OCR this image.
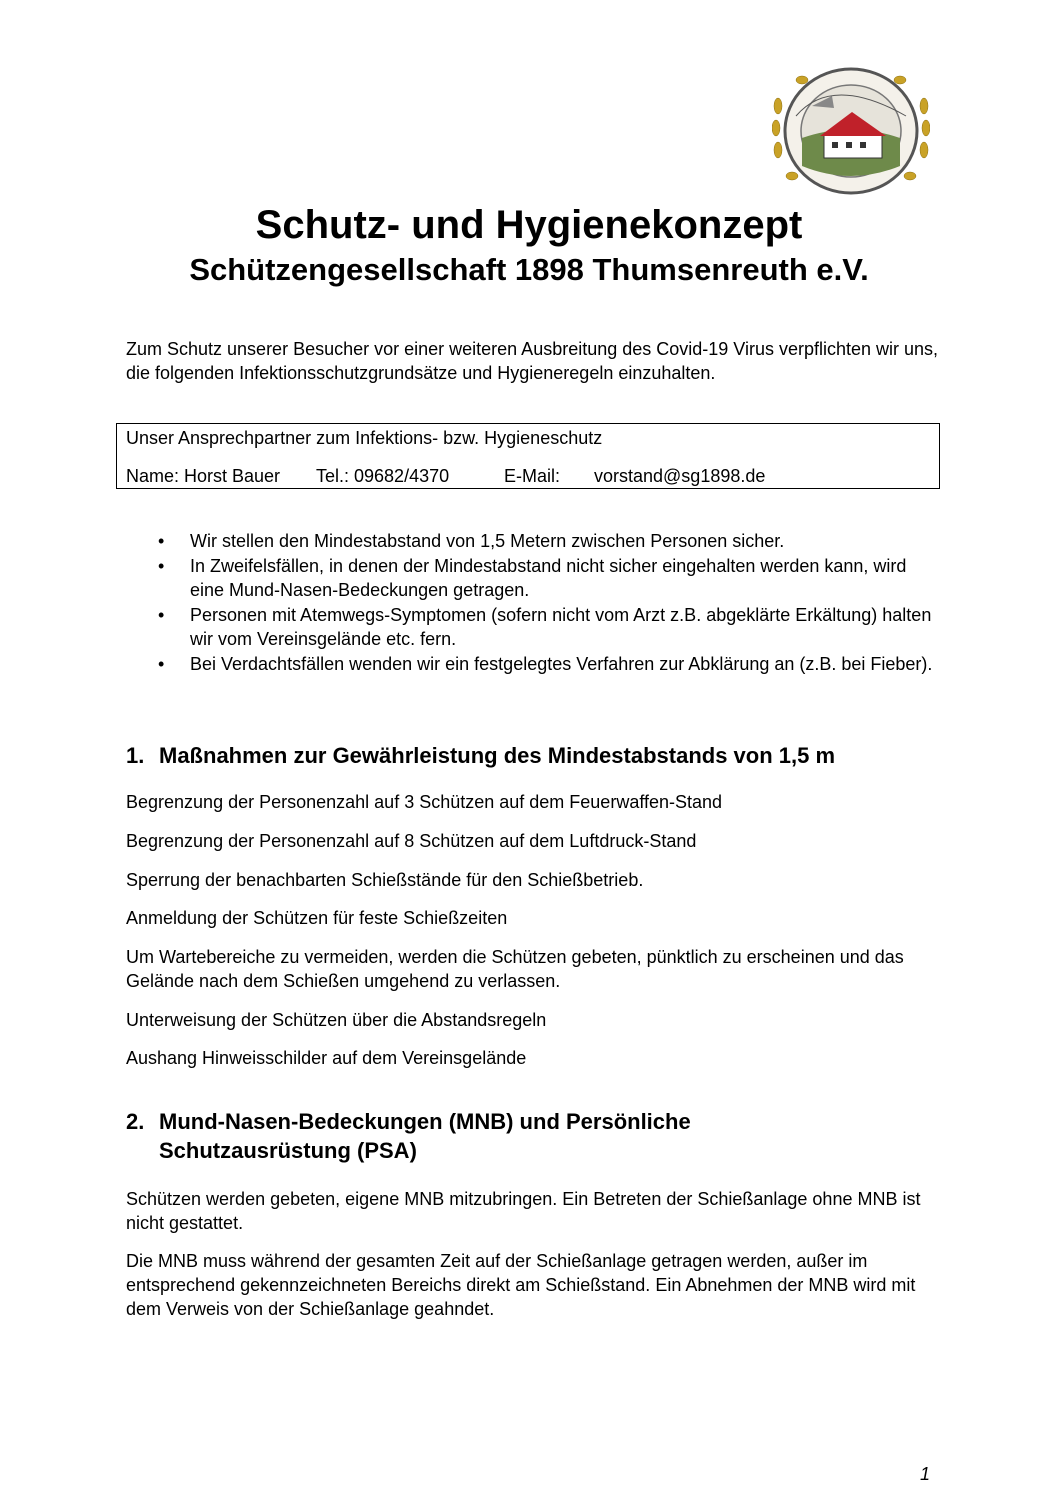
Schutz- und Hygienekonzept
Schützengesellschaft 1898 Thumsenreuth e.V.

Zum Schutz unserer Besucher vor einer weiteren Ausbreitung des Covid-19 Virus verpflichten wir uns, die folgenden Infektionsschutzgrundsätze und Hygieneregeln einzuhalten.

Unser Ansprechpartner zum Infektions- bzw. Hygieneschutz
Name: Horst Bauer Tel.: 09682/4370	E-Mail: vorstand@sg1898.de
• Wir stellen den Mindestabstand von 1,5 Metern zwischen Personen sicher.
• In Zweifelsfällen, in denen der Mindestabstand nicht sicher eingehalten werden kann, wird eine Mund-Nasen-Bedeckungen getragen.
• Personen mit Atemwegs-Symptomen (sofern nicht vom Arzt z.B. abgeklärte Erkältung) halten wir vom Vereinsgelände etc. fern.
• Bei Verdachtsfällen wenden wir ein festgelegtes Verfahren zur Abklärung an (z.B. bei Fieber).
1. Maßnahmen zur Gewährleistung des Mindestabstands von 1,5 m

Begrenzung der Personenzahl auf 3 Schützen auf dem Feuerwaffen-Stand

Begrenzung der Personenzahl auf 8 Schützen auf dem Luftdruck-Stand

Sperrung der benachbarten Schießstände für den Schießbetrieb.

Anmeldung der Schützen für feste Schießzeiten

Um Wartebereiche zu vermeiden, werden die Schützen gebeten, pünktlich zu erscheinen und das Gelände nach dem Schießen umgehend zu verlassen.

Unterweisung der Schützen über die Abstandsregeln

Aushang Hinweisschilder auf dem Vereinsgelände

2. Mund-Nasen-Bedeckungen (MNB) und Persönliche Schutzausrüstung (PSA)

Schützen werden gebeten, eigene MNB mitzubringen. Ein Betreten der Schießanlage ohne MNB ist nicht gestattet.

Die MNB muss während der gesamten Zeit auf der Schießanlage getragen werden, außer im entsprechend gekennzeichneten Bereichs direkt am Schießstand. Ein Abnehmen der MNB wird mit dem Verweis von der Schießanlage geahndet.

1
